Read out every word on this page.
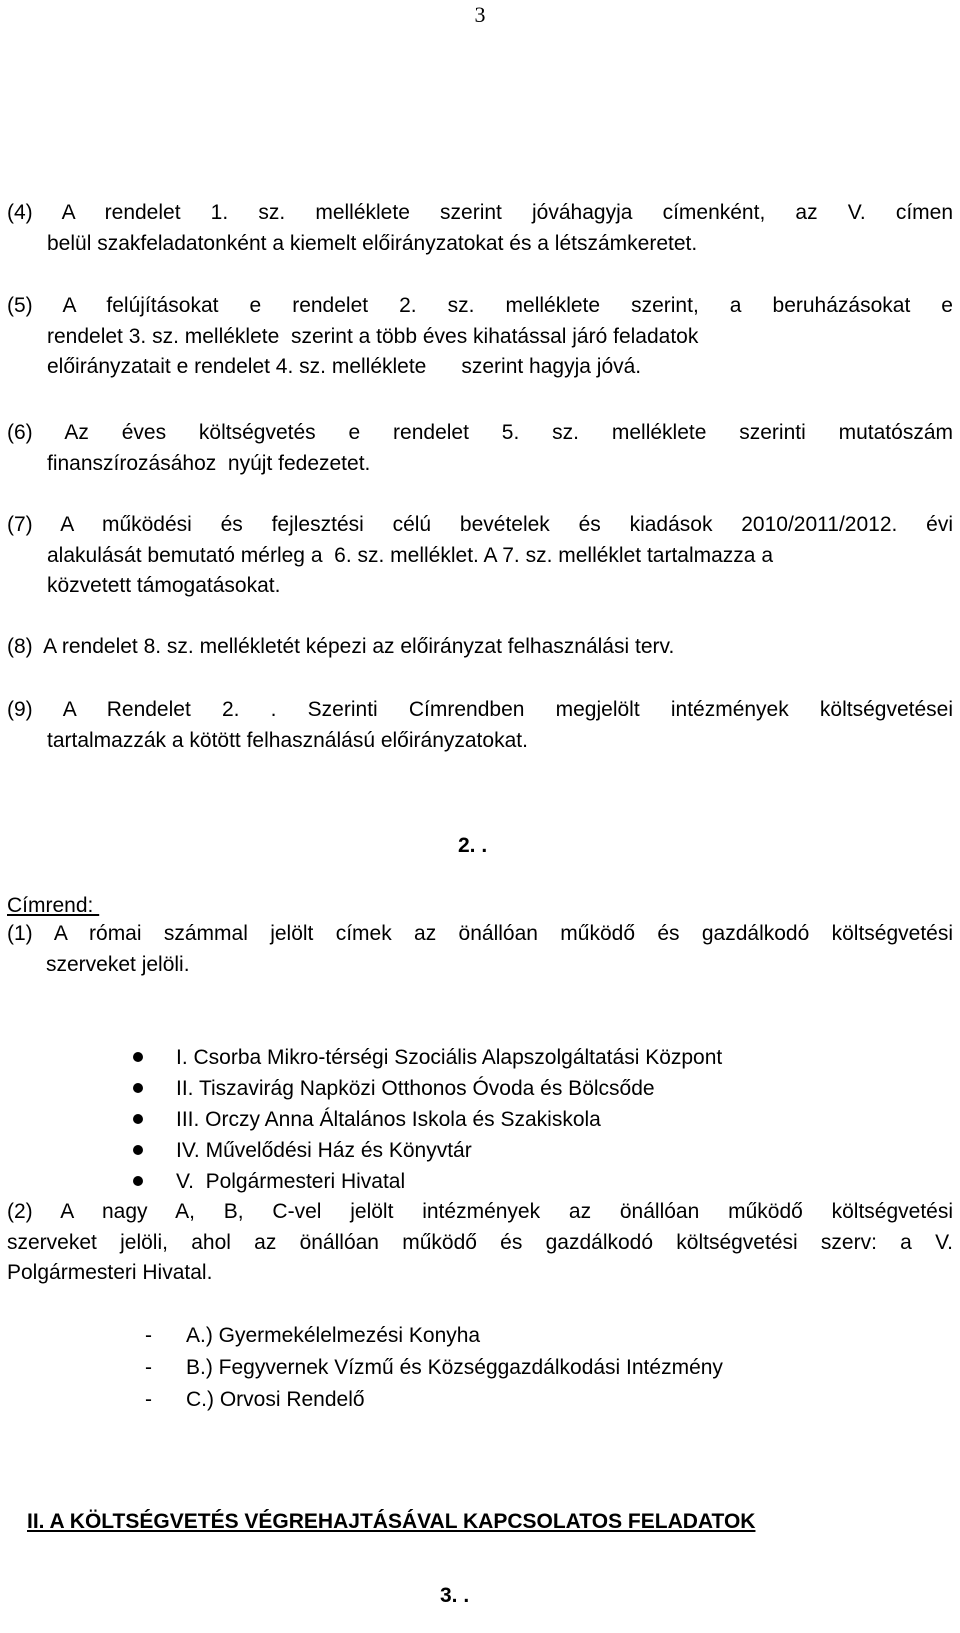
3
(4) A rendelet 1. sz. melléklete szerint jóváhagyja címenként, az V. címen
belül szakfeladatonként a kiemelt előirányzatokat és a létszámkeretet.
(5) A felújításokat e rendelet 2. sz. melléklete szerint, a beruházásokat e
rendelet 3. sz. melléklete  szerint a több éves kihatással járó feladatok
előirányzatait e rendelet 4. sz. melléklete      szerint hagyja jóvá.
(6) Az éves költségvetés e rendelet 5. sz. melléklete szerinti mutatószám
finanszírozásához  nyújt fedezetet.
(7) A működési és fejlesztési célú bevételek és kiadások 2010/2011/2012. évi
alakulását bemutató mérleg a  6. sz. melléklet. A 7. sz. melléklet tartalmazza a
közvetett támogatásokat.
(8)  A rendelet 8. sz. mellékletét képezi az előirányzat felhasználási terv.
(9) A Rendelet 2. . Szerinti Címrendben megjelölt intézmények költségvetései
tartalmazzák a kötött felhasználású előirányzatokat.
2. .
Címrend:
(1) A római számmal jelölt címek az önállóan működő és gazdálkodó költségvetési
szerveket jelöli.
I. Csorba Mikro-térségi Szociális Alapszolgáltatási Központ
II. Tiszavirág Napközi Otthonos Óvoda és Bölcsőde
III. Orczy Anna Általános Iskola és Szakiskola
IV. Művelődési Ház és Könyvtár
V.  Polgármesteri Hivatal
(2) A nagy A, B, C-vel jelölt intézmények az önállóan működő költségvetési
szerveket jelöli, ahol az önállóan működő és gazdálkodó költségvetési szerv: a V.
Polgármesteri Hivatal.
- A.) Gyermekélelmezési Konyha
- B.) Fegyvernek Vízmű és Községgazdálkodási Intézmény
- C.) Orvosi Rendelő
II. A KÖLTSÉGVETÉS VÉGREHAJTÁSÁVAL KAPCSOLATOS FELADATOK
3. .
